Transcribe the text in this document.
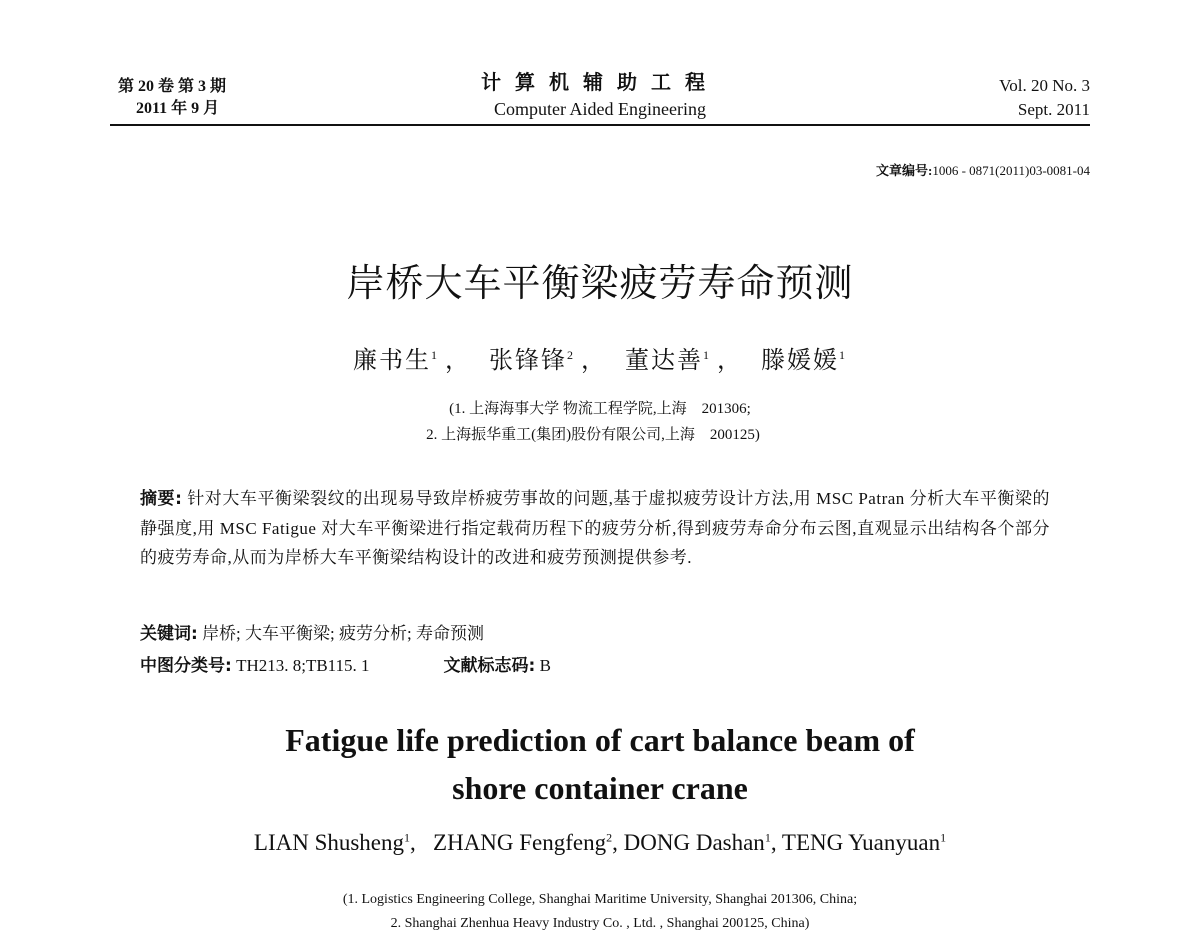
第 20 卷 第 3 期
2011 年 9 月
计算机辅助工程
Computer Aided Engineering
Vol. 20 No. 3
Sept. 2011
文章编号:1006 - 0871(2011)03-0081-04
岸桥大车平衡梁疲劳寿命预测
廉书生$^1$ ， 张锋锋$^2$ ， 董达善$^1$ ， 滕媛媛$^1$
(1. 上海海事大学 物流工程学院,上海　201306;
2. 上海振华重工(集团)股份有限公司,上海　200125)
摘要: 针对大车平衡梁裂纹的出现易导致岸桥疲劳事故的问题,基于虚拟疲劳设计方法,用 MSC Patran 分析大车平衡梁的静强度,用 MSC Fatigue 对大车平衡梁进行指定载荷历程下的疲劳分析,得到疲劳寿命分布云图,直观显示出结构各个部分的疲劳寿命,从而为岸桥大车平衡梁结构设计的改进和疲劳预测提供参考.
关键词: 岸桥; 大车平衡梁; 疲劳分析; 寿命预测
中图分类号: TH213. 8;TB115. 1	文献标志码: B
Fatigue life prediction of cart balance beam of
shore container crane
LIAN Shusheng$^1$,   ZHANG Fengfeng$^2$, DONG Dashan$^1$, TENG Yuanyuan$^1$
(1. Logistics Engineering College, Shanghai Maritime University, Shanghai 201306, China;
2. Shanghai Zhenhua Heavy Industry Co. , Ltd. , Shanghai 200125, China)
